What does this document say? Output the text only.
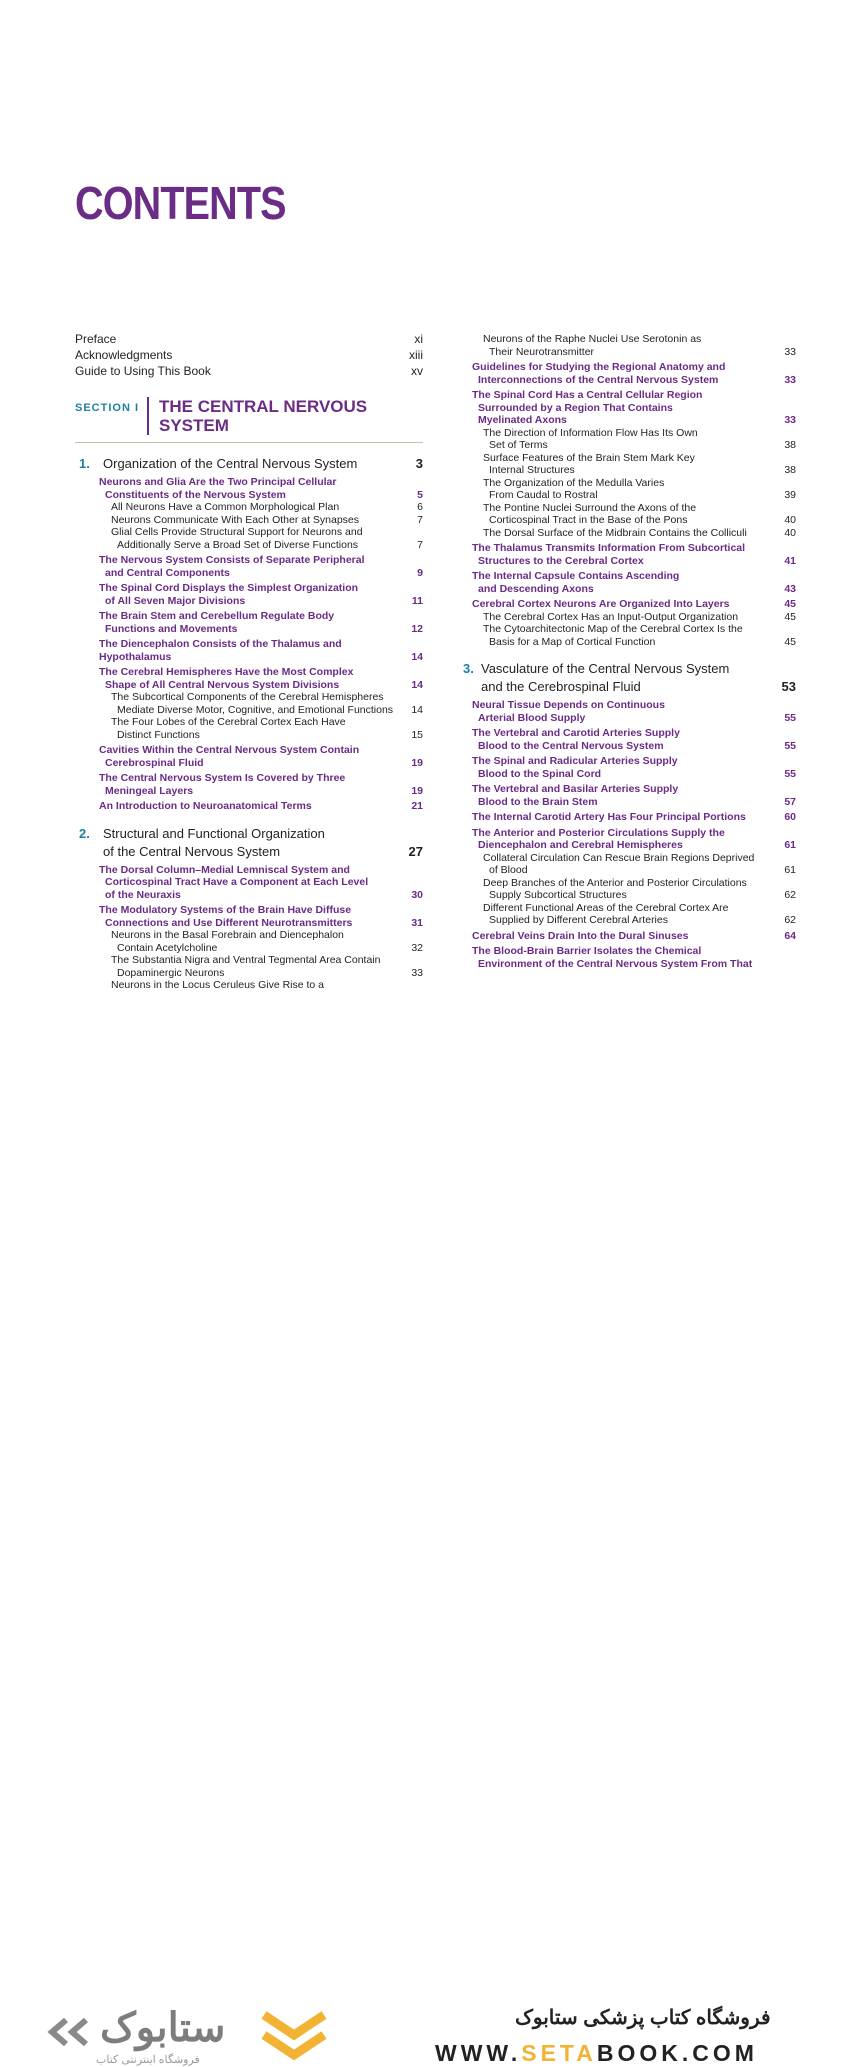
CONTENTS
Preface	xi
Acknowledgments	xiii
Guide to Using This Book	xv
SECTION I	THE CENTRAL NERVOUS
SYSTEM
1.	Organization of the Central Nervous System	3
Neurons and Glia Are the Two Principal Cellular
Constituents of the Nervous System	5
All Neurons Have a Common Morphological Plan	6
Neurons Communicate With Each Other at Synapses	7
Glial Cells Provide Structural Support for Neurons and
Additionally Serve a Broad Set of Diverse Functions	7
The Nervous System Consists of Separate Peripheral
and Central Components	9
The Spinal Cord Displays the Simplest Organization
of All Seven Major Divisions	11
The Brain Stem and Cerebellum Regulate Body
Functions and Movements	12
The Diencephalon Consists of the Thalamus and Hypothalamus	14
The Cerebral Hemispheres Have the Most Complex
Shape of All Central Nervous System Divisions	14
The Subcortical Components of the Cerebral Hemispheres
Mediate Diverse Motor, Cognitive, and Emotional Functions	14
The Four Lobes of the Cerebral Cortex Each Have
Distinct Functions	15
Cavities Within the Central Nervous System Contain
Cerebrospinal Fluid	19
The Central Nervous System Is Covered by Three
Meningeal Layers	19
An Introduction to Neuroanatomical Terms	21
2.	Structural and Functional Organization
of the Central Nervous System	27
The Dorsal Column–Medial Lemniscal System and
Corticospinal Tract Have a Component at Each Level
of the Neuraxis	30
The Modulatory Systems of the Brain Have Diffuse
Connections and Use Different Neurotransmitters	31
Neurons in the Basal Forebrain and Diencephalon
Contain Acetylcholine	32
The Substantia Nigra and Ventral Tegmental Area Contain
Dopaminergic Neurons	33
Neurons in the Locus Ceruleus Give Rise to a
Neurons of the Raphe Nuclei Use Serotonin as
Their Neurotransmitter	33
Guidelines for Studying the Regional Anatomy and
Interconnections of the Central Nervous System	33
The Spinal Cord Has a Central Cellular Region
Surrounded by a Region That Contains
Myelinated Axons	33
The Direction of Information Flow Has Its Own
Set of Terms	38
Surface Features of the Brain Stem Mark Key
Internal Structures	38
The Organization of the Medulla Varies
From Caudal to Rostral	39
The Pontine Nuclei Surround the Axons of the
Corticospinal Tract in the Base of the Pons	40
The Dorsal Surface of the Midbrain Contains the Colliculi	40
The Thalamus Transmits Information From Subcortical
Structures to the Cerebral Cortex	41
The Internal Capsule Contains Ascending
and Descending Axons	43
Cerebral Cortex Neurons Are Organized Into Layers	45
The Cerebral Cortex Has an Input-Output Organization	45
The Cytoarchitectonic Map of the Cerebral Cortex Is the
Basis for a Map of Cortical Function	45
3. Vasculature of the Central Nervous System
and the Cerebrospinal Fluid	53
Neural Tissue Depends on Continuous
Arterial Blood Supply	55
The Vertebral and Carotid Arteries Supply
Blood to the Central Nervous System	55
The Spinal and Radicular Arteries Supply
Blood to the Spinal Cord	55
The Vertebral and Basilar Arteries Supply
Blood to the Brain Stem	57
The Internal Carotid Artery Has Four Principal Portions	60
The Anterior and Posterior Circulations Supply the
Diencephalon and Cerebral Hemispheres	61
Collateral Circulation Can Rescue Brain Regions Deprived
of Blood	61
Deep Branches of the Anterior and Posterior Circulations
Supply Subcortical Structures	62
Different Functional Areas of the Cerebral Cortex Are
Supplied by Different Cerebral Arteries	62
Cerebral Veins Drain Into the Dural Sinuses	64
The Blood-Brain Barrier Isolates the Chemical
Environment of the Central Nervous System From That
ستابوک
فروشگاه اینترنتی کتاب
فروشگاه کتاب پزشکی ستابوک
WWW.SETABOOK.COM
